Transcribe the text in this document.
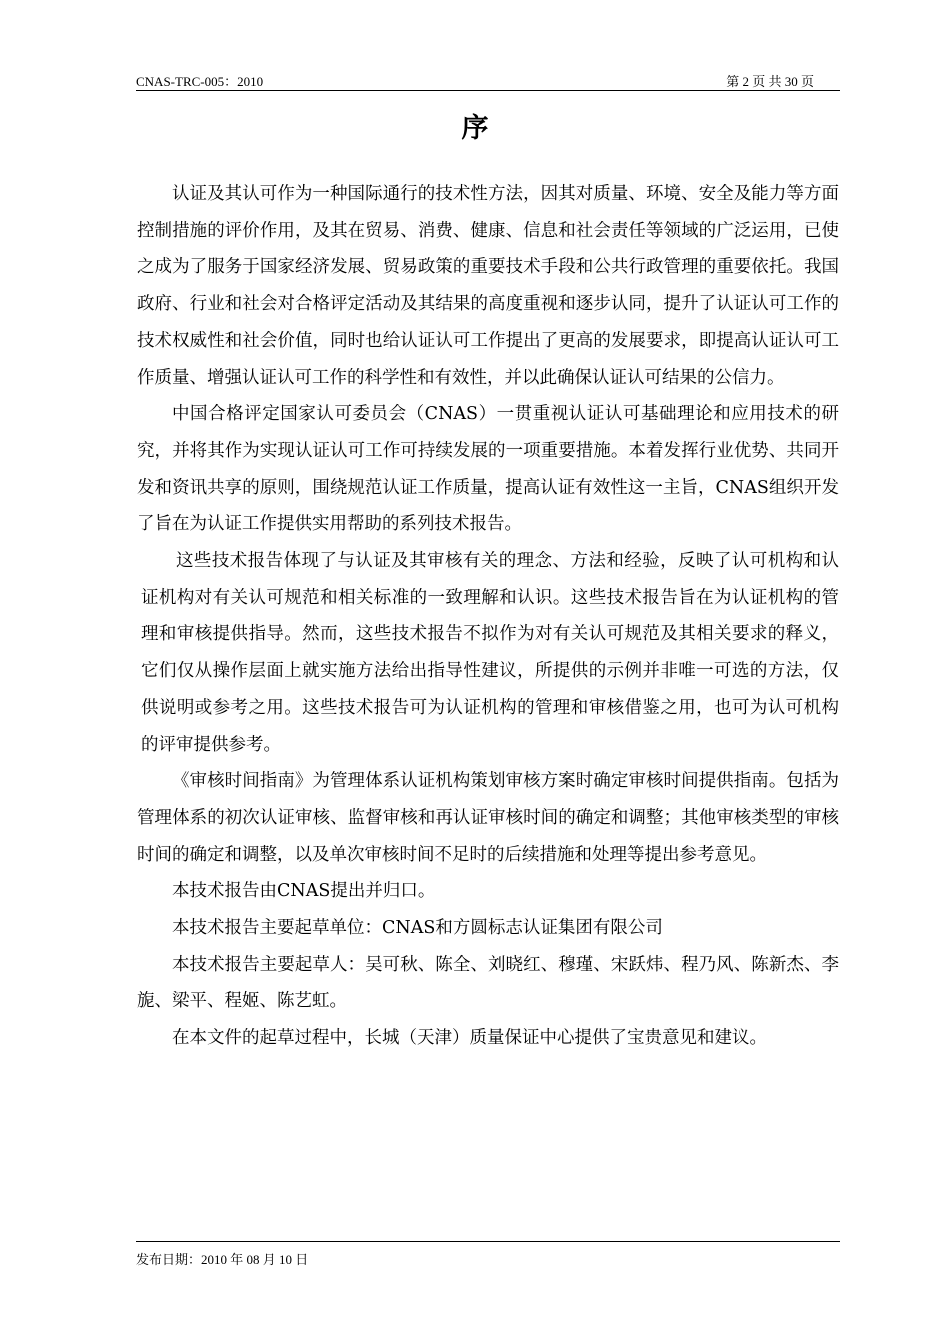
CNAS-TRC-005：2010	第 2 页 共 30 页
序

认证及其认可作为一种国际通行的技术性方法，因其对质量、环境、安全及能力等方面控制措施的评价作用，及其在贸易、消费、健康、信息和社会责任等领域的广泛运用，已使之成为了服务于国家经济发展、贸易政策的重要技术手段和公共行政管理的重要依托。我国政府、行业和社会对合格评定活动及其结果的高度重视和逐步认同，提升了认证认可工作的技术权威性和社会价值，同时也给认证认可工作提出了更高的发展要求，即提高认证认可工作质量、增强认证认可工作的科学性和有效性，并以此确保认证认可结果的公信力。

中国合格评定国家认可委员会（CNAS）一贯重视认证认可基础理论和应用技术的研究，并将其作为实现认证认可工作可持续发展的一项重要措施。本着发挥行业优势、共同开发和资讯共享的原则，围绕规范认证工作质量，提高认证有效性这一主旨，CNAS组织开发了旨在为认证工作提供实用帮助的系列技术报告。

这些技术报告体现了与认证及其审核有关的理念、方法和经验，反映了认可机构和认证机构对有关认可规范和相关标准的一致理解和认识。这些技术报告旨在为认证机构的管理和审核提供指导。然而，这些技术报告不拟作为对有关认可规范及其相关要求的释义，它们仅从操作层面上就实施方法给出指导性建议，所提供的示例并非唯一可选的方法，仅供说明或参考之用。这些技术报告可为认证机构的管理和审核借鉴之用，也可为认可机构的评审提供参考。

《审核时间指南》为管理体系认证机构策划审核方案时确定审核时间提供指南。包括为管理体系的初次认证审核、监督审核和再认证审核时间的确定和调整；其他审核类型的审核时间的确定和调整，以及单次审核时间不足时的后续措施和处理等提出参考意见。

本技术报告由CNAS提出并归口。

本技术报告主要起草单位：CNAS和方圆标志认证集团有限公司

本技术报告主要起草人：吴可秋、陈全、刘晓红、穆瑾、宋跃炜、程乃风、陈新杰、李旎、梁平、程姬、陈艺虹。

在本文件的起草过程中，长城（天津）质量保证中心提供了宝贵意见和建议。

发布日期：2010 年 08 月 10 日
